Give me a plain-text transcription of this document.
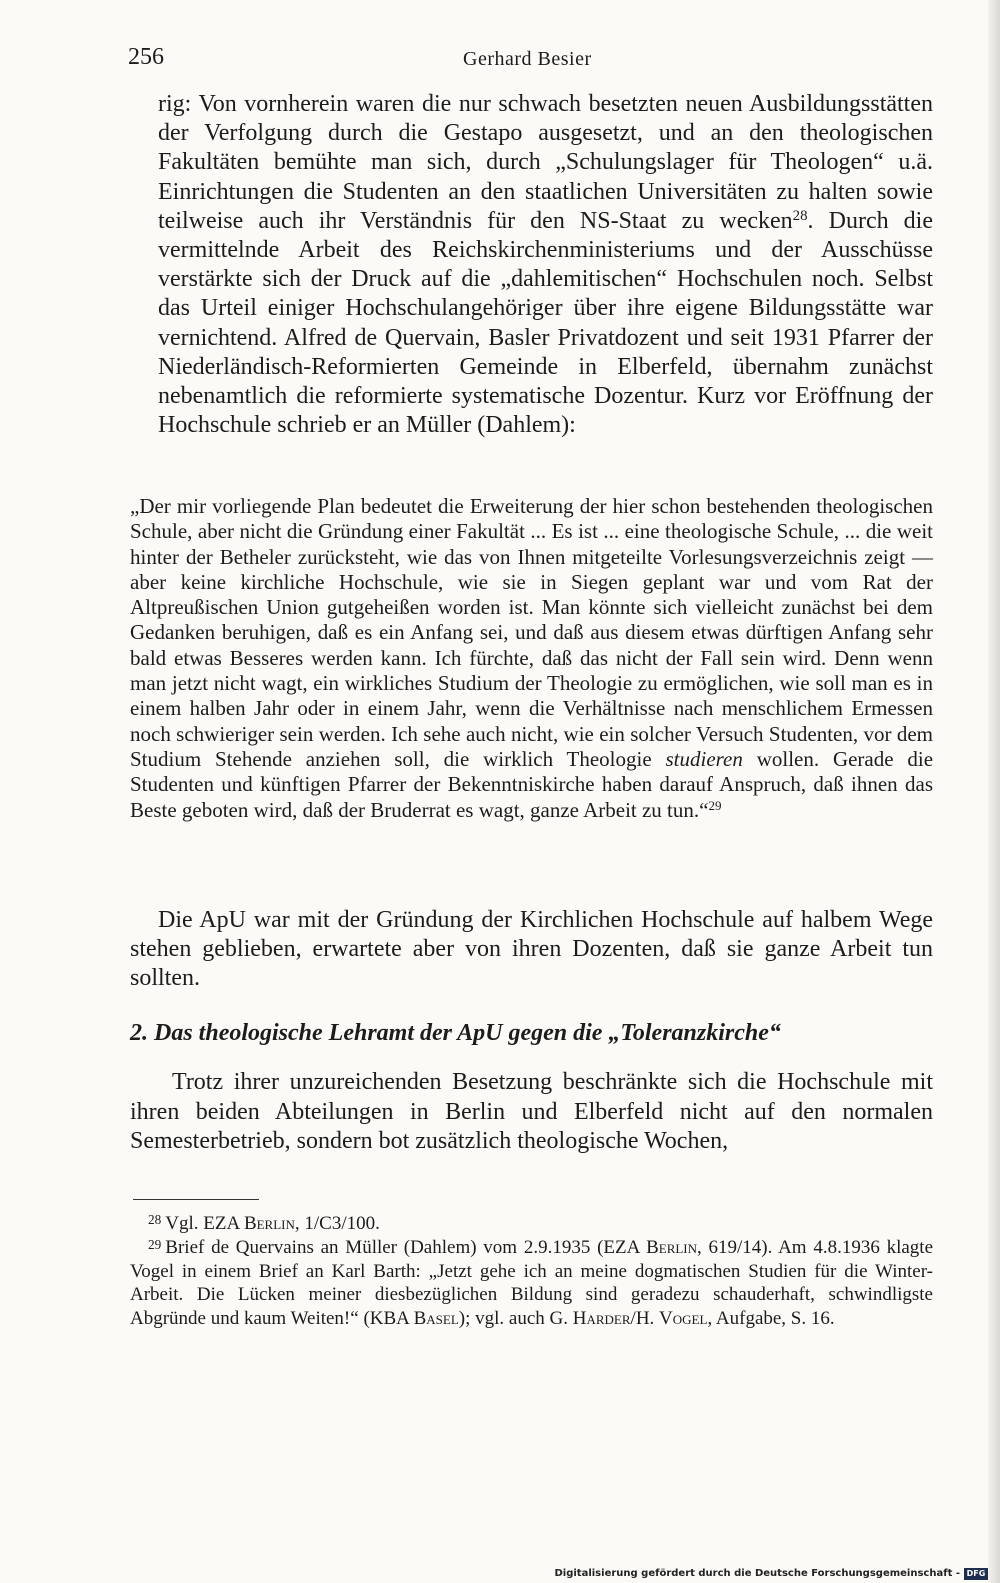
256	Gerhard Besier

rig: Von vornherein waren die nur schwach besetzten neuen Ausbildungsstätten der Verfolgung durch die Gestapo ausgesetzt, und an den theologischen Fakultäten bemühte man sich, durch „Schulungslager für Theologen“ u.ä. Einrichtungen die Studenten an den staatlichen Universitäten zu halten sowie teilweise auch ihr Verständnis für den NS-Staat zu wecken$^{28}$. Durch die vermittelnde Arbeit des Reichskirchenministeriums und der Ausschüsse verstärkte sich der Druck auf die „dahlemitischen“ Hochschulen noch. Selbst das Urteil einiger Hochschulangehöriger über ihre eigene Bildungsstätte war vernichtend. Alfred de Quervain, Basler Privatdozent und seit 1931 Pfarrer der Niederländisch-Reformierten Gemeinde in Elberfeld, übernahm zunächst nebenamtlich die reformierte systematische Dozentur. Kurz vor Eröffnung der Hochschule schrieb er an Müller (Dahlem):

„Der mir vorliegende Plan bedeutet die Erweiterung der hier schon bestehenden theologischen Schule, aber nicht die Gründung einer Fakultät ... Es ist ... eine theologische Schule, ... die weit hinter der Betheler zurücksteht, wie das von Ihnen mitgeteilte Vorlesungsverzeichnis zeigt — aber keine kirchliche Hochschule, wie sie in Siegen geplant war und vom Rat der Altpreußischen Union gutgeheißen worden ist. Man könnte sich vielleicht zunächst bei dem Gedanken beruhigen, daß es ein Anfang sei, und daß aus diesem etwas dürftigen Anfang sehr bald etwas Besseres werden kann. Ich fürchte, daß das nicht der Fall sein wird. Denn wenn man jetzt nicht wagt, ein wirkliches Studium der Theologie zu ermöglichen, wie soll man es in einem halben Jahr oder in einem Jahr, wenn die Verhältnisse nach menschlichem Ermessen noch schwieriger sein werden. Ich sehe auch nicht, wie ein solcher Versuch Studenten, vor dem Studium Stehende anziehen soll, die wirklich Theologie studieren wollen. Gerade die Studenten und künftigen Pfarrer der Bekenntniskirche haben darauf Anspruch, daß ihnen das Beste geboten wird, daß der Bruderrat es wagt, ganze Arbeit zu tun.“$^{29}$

Die ApU war mit der Gründung der Kirchlichen Hochschule auf halbem Wege stehen geblieben, erwartete aber von ihren Dozenten, daß sie ganze Arbeit tun sollten.

2. Das theologische Lehramt der ApU gegen die „Toleranzkirche“

Trotz ihrer unzureichenden Besetzung beschränkte sich die Hochschule mit ihren beiden Abteilungen in Berlin und Elberfeld nicht auf den normalen Semesterbetrieb, sondern bot zusätzlich theologische Wochen,

$^{28}$ Vgl. EZA Berlin, 1/C3/100.

$^{29}$ Brief de Quervains an Müller (Dahlem) vom 2.9.1935 (EZA Berlin, 619/14). Am 4.8.1936 klagte Vogel in einem Brief an Karl Barth: „Jetzt gehe ich an meine dogmatischen Studien für die Winter-Arbeit. Die Lücken meiner diesbezüglichen Bildung sind geradezu schauderhaft, schwindligste Abgründe und kaum Weiten!“ (KBA Basel); vgl. auch G. Harder/H. Vogel, Aufgabe, S. 16.

Digitalisierung gefördert durch die Deutsche Forschungsgemeinschaft - DFG
